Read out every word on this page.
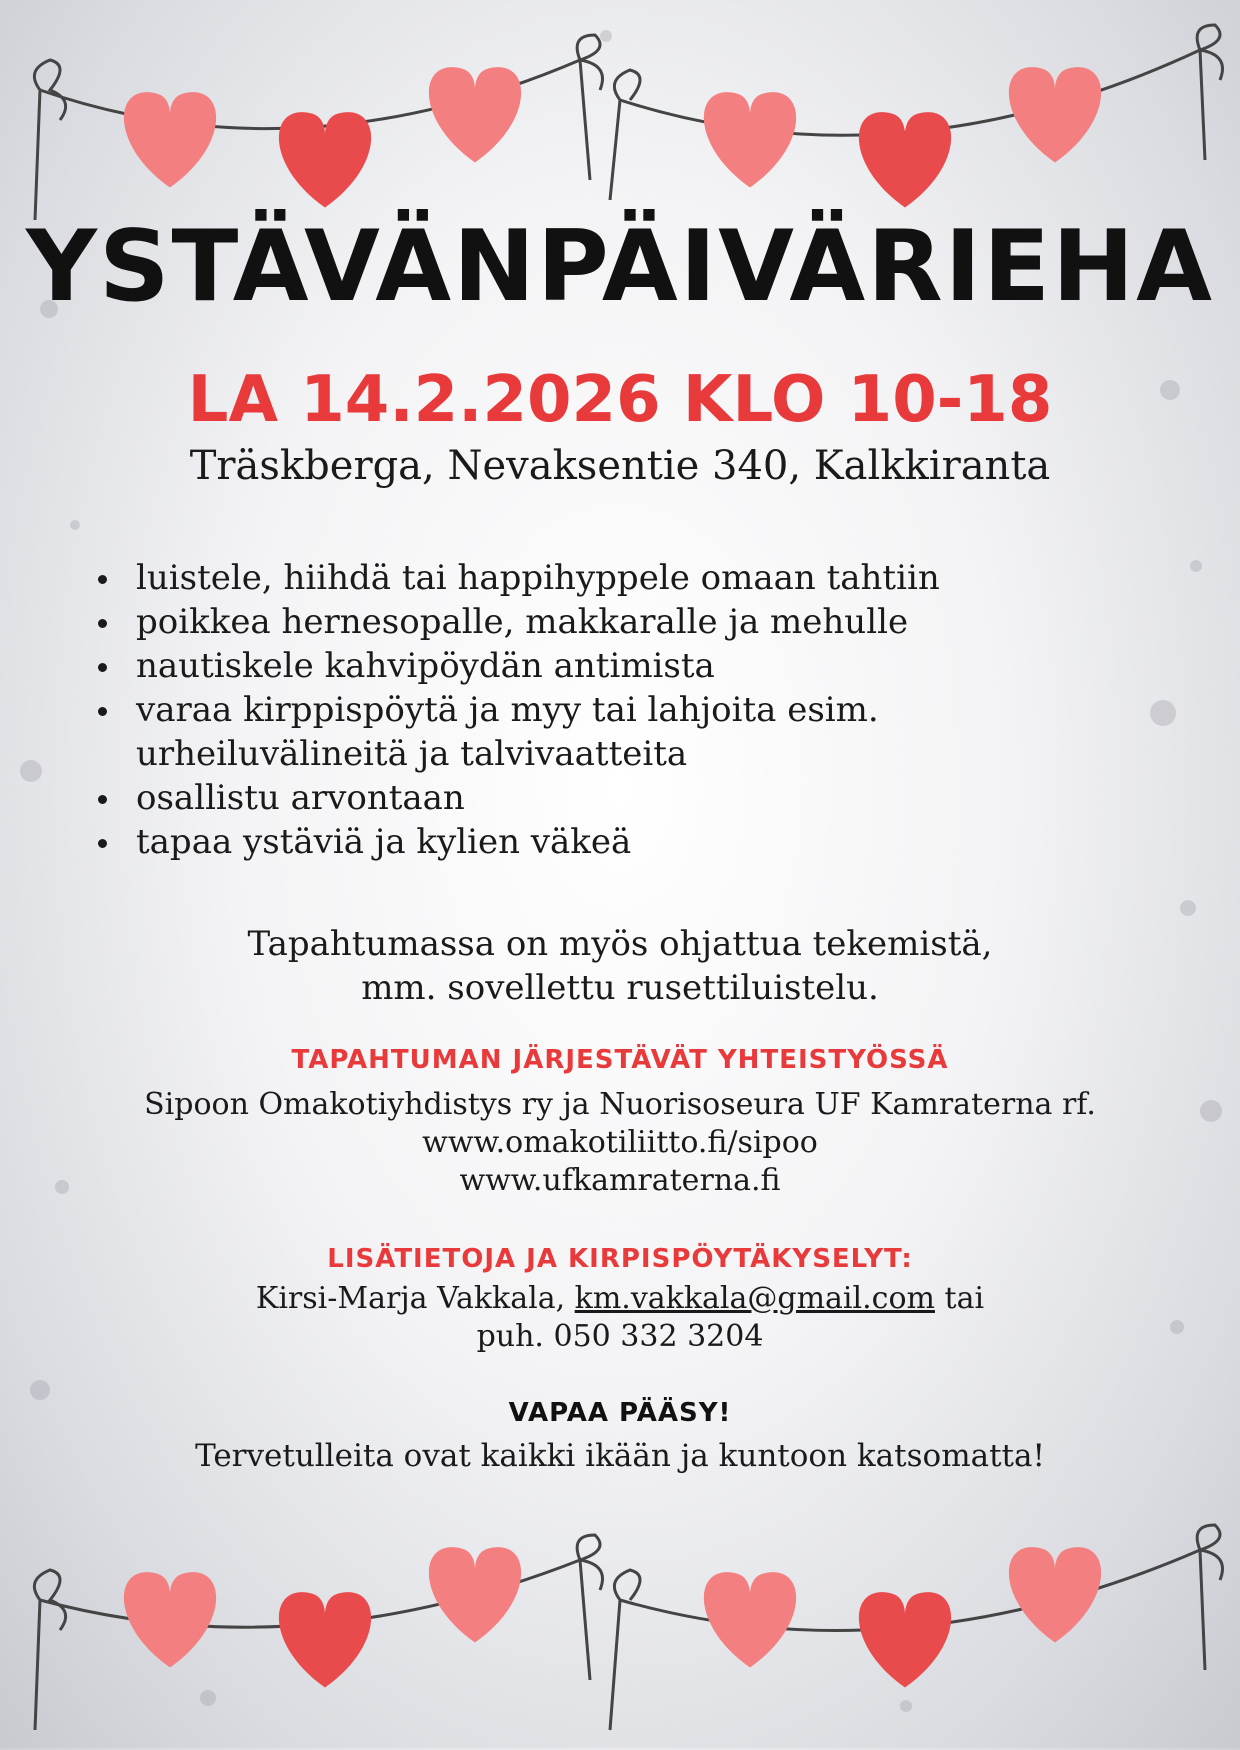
YSTÄVÄNPÄIVÄRIEHA
LA 14.2.2026 KLO 10-18
Träskberga, Nevaksentie 340, Kalkkiranta
luistele, hiihdä tai happihyppele omaan tahtiin
poikkea hernesopalle, makkaralle ja mehulle
nautiskele kahvipöydän antimista
varaa kirppispöytä ja myy tai lahjoita esim.
urheiluvälineitä ja talvivaatteita
osallistu arvontaan
tapaa ystäviä ja kylien väkeä
Tapahtumassa on myös ohjattua tekemistä,
mm. sovellettu rusettiluistelu.
TAPAHTUMAN JÄRJESTÄVÄT YHTEISTYÖSSÄ
Sipoon Omakotiyhdistys ry ja Nuorisoseura UF Kamraterna rf.
www.omakotiliitto.fi/sipoo
www.ufkamraterna.fi
LISÄTIETOJA JA KIRPISPÖYTÄKYSELYT:
Kirsi-Marja Vakkala, km.vakkala@gmail.com tai
puh. 050 332 3204
VAPAA PÄÄSY!
Tervetulleita ovat kaikki ikään ja kuntoon katsomatta!
